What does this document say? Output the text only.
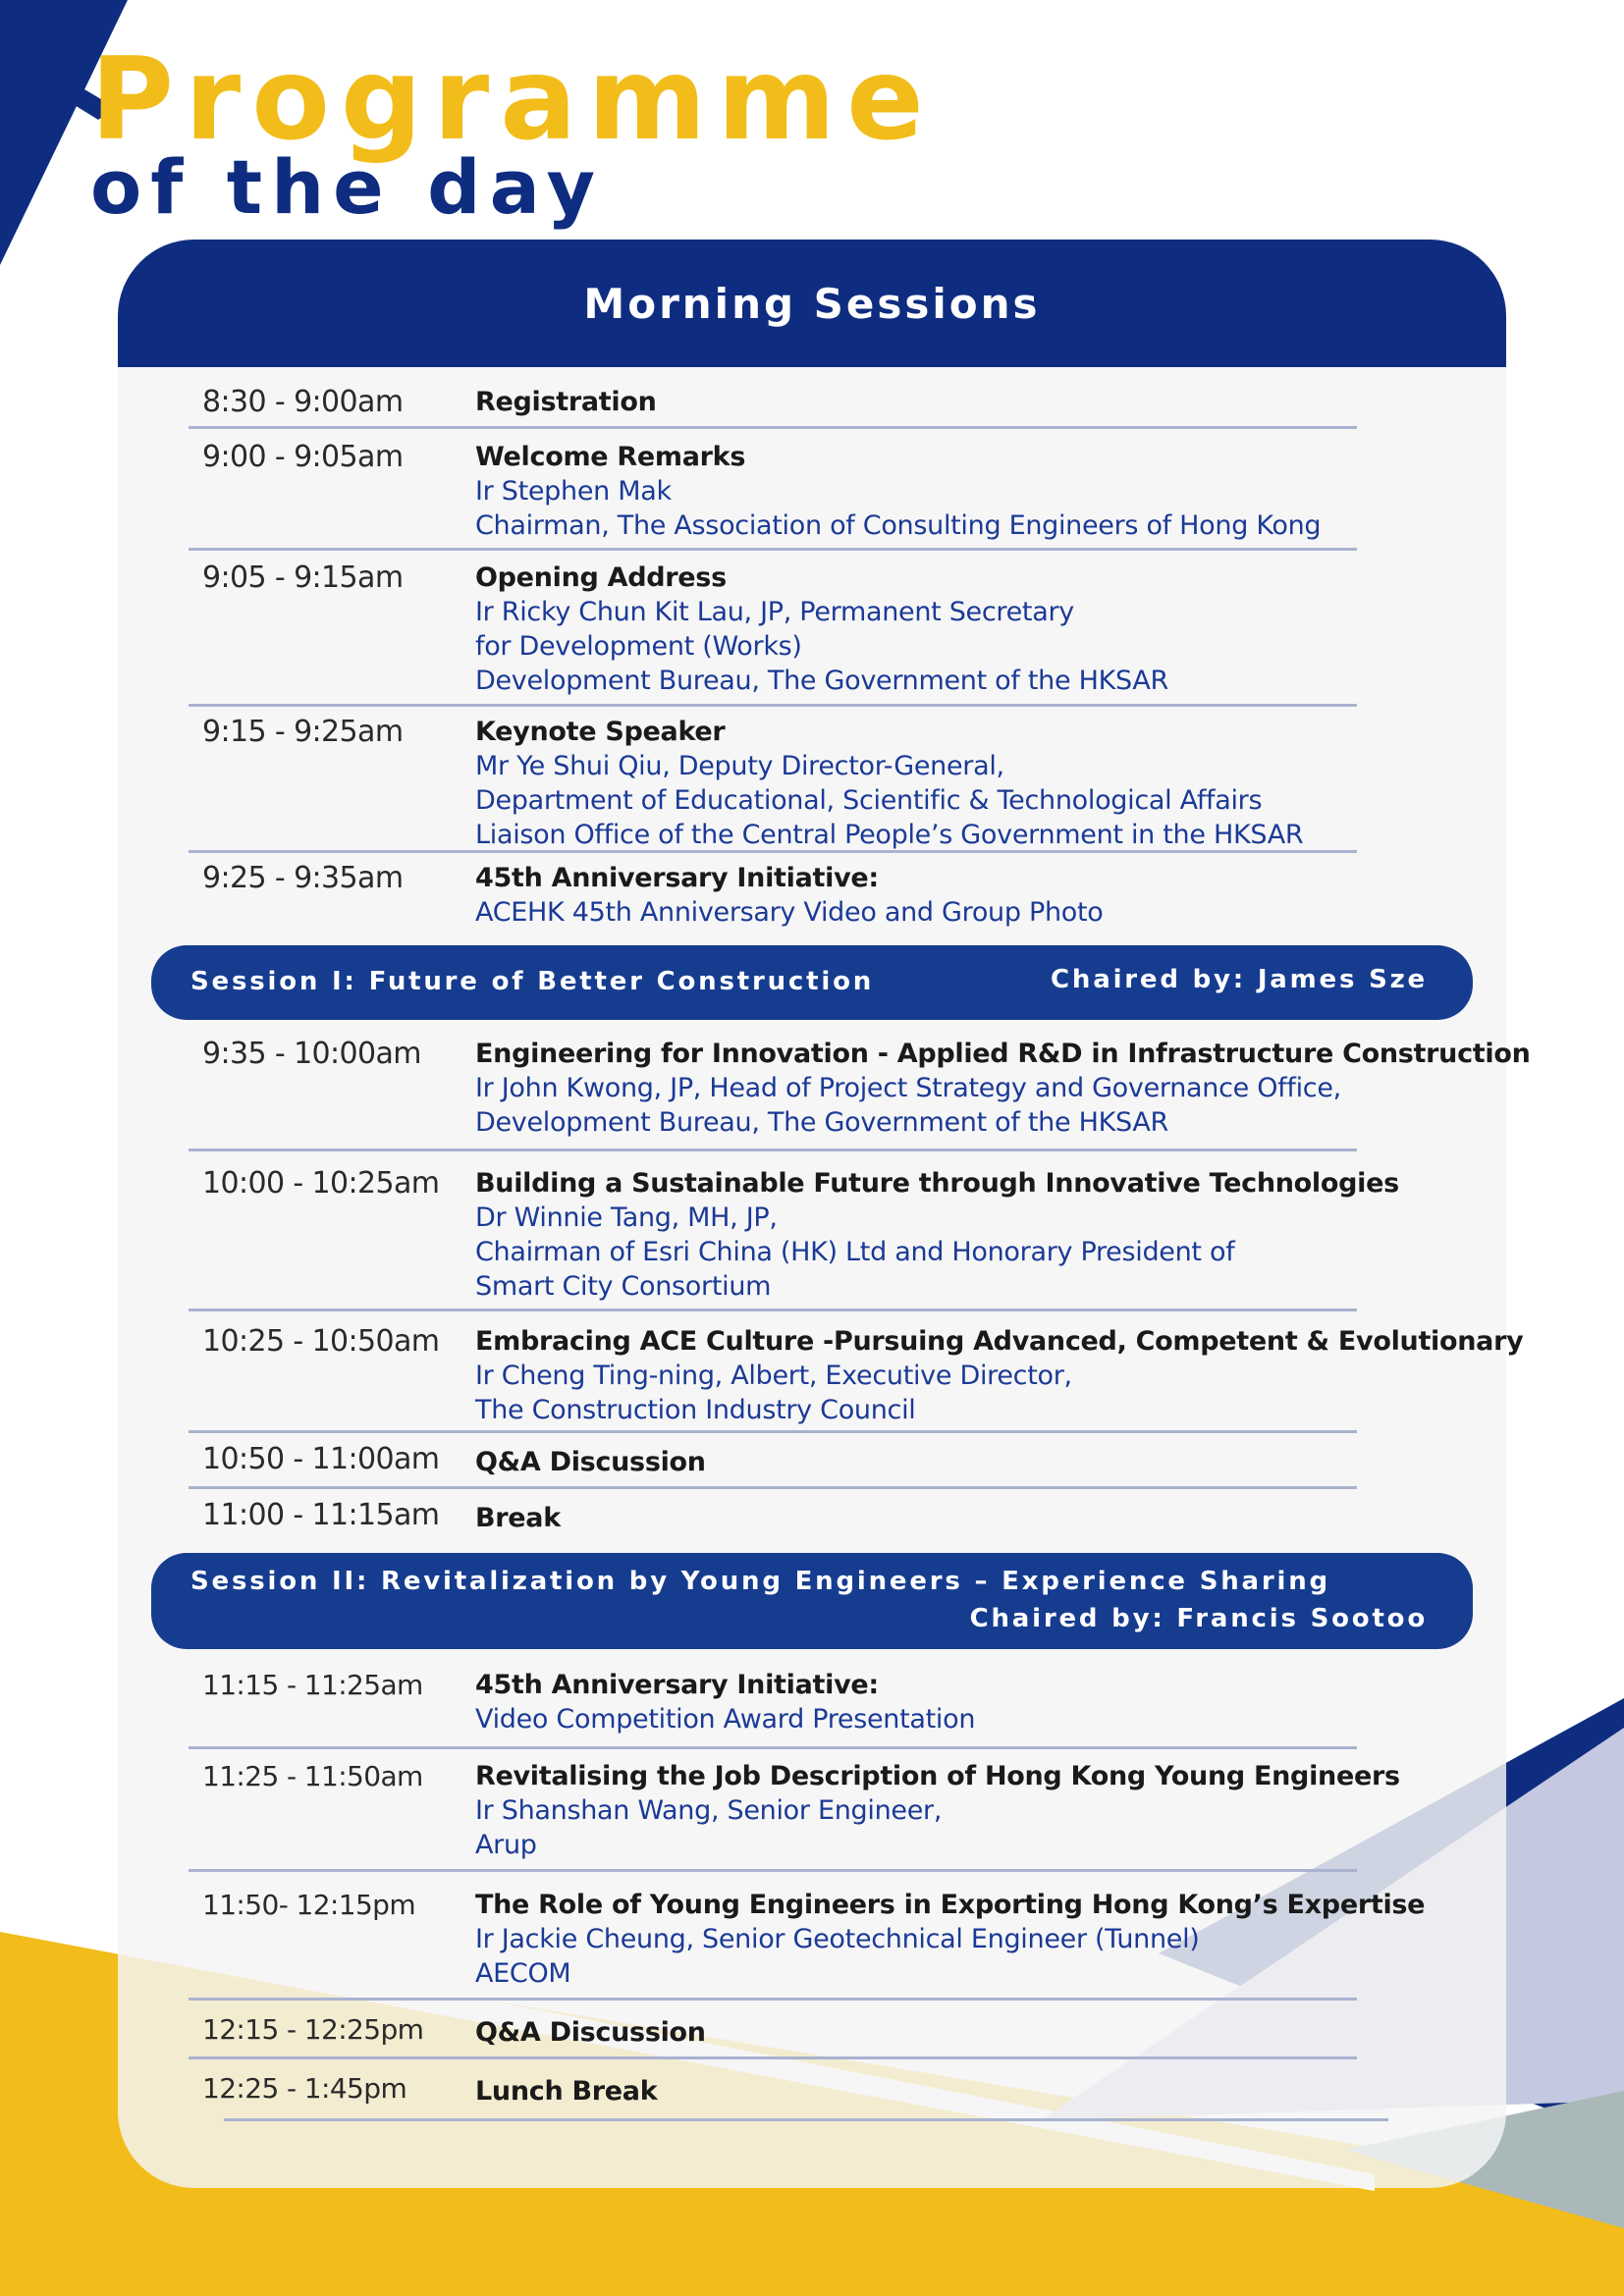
Programme
of the day
Morning Sessions
8:30 - 9:00am	Registration
9:00 - 9:05am	Welcome Remarks
Ir Stephen Mak
Chairman, The Association of Consulting Engineers of Hong Kong
9:05 - 9:15am	Opening Address
Ir Ricky Chun Kit Lau, JP, Permanent Secretary
for Development (Works)
Development Bureau, The Government of the HKSAR
9:15 - 9:25am	Keynote Speaker
Mr Ye Shui Qiu, Deputy Director-General,
Department of Educational, Scientific & Technological Affairs
Liaison Office of the Central People’s Government in the HKSAR
9:25 - 9:35am	45th Anniversary Initiative:
ACEHK 45th Anniversary Video and Group Photo
Session I: Future of Better Construction	Chaired by: James Sze
9:35 - 10:00am Engineering for Innovation - Applied R&D in Infrastructure Construction
Ir John Kwong, JP, Head of Project Strategy and Governance Office,
Development Bureau, The Government of the HKSAR
10:00 - 10:25am Building a Sustainable Future through Innovative Technologies
Dr Winnie Tang, MH, JP,
Chairman of Esri China (HK) Ltd and Honorary President of
Smart City Consortium
10:25 - 10:50am Embracing ACE Culture -Pursuing Advanced, Competent & Evolutionary
Ir Cheng Ting-ning, Albert, Executive Director,
The Construction Industry Council
10:50 - 11:00am Q&A Discussion
11:00 - 11:15am Break
Session II: Revitalization by Young Engineers – Experience Sharing
Chaired by: Francis Sootoo
11:15 - 11:25am 45th Anniversary Initiative:
Video Competition Award Presentation
11:25 - 11:50am Revitalising the Job Description of Hong Kong Young Engineers
Ir Shanshan Wang, Senior Engineer,
Arup
11:50- 12:15pm The Role of Young Engineers in Exporting Hong Kong’s Expertise
Ir Jackie Cheung, Senior Geotechnical Engineer (Tunnel)
AECOM
12:15 - 12:25pm Q&A Discussion
12:25 - 1:45pm	Lunch Break
